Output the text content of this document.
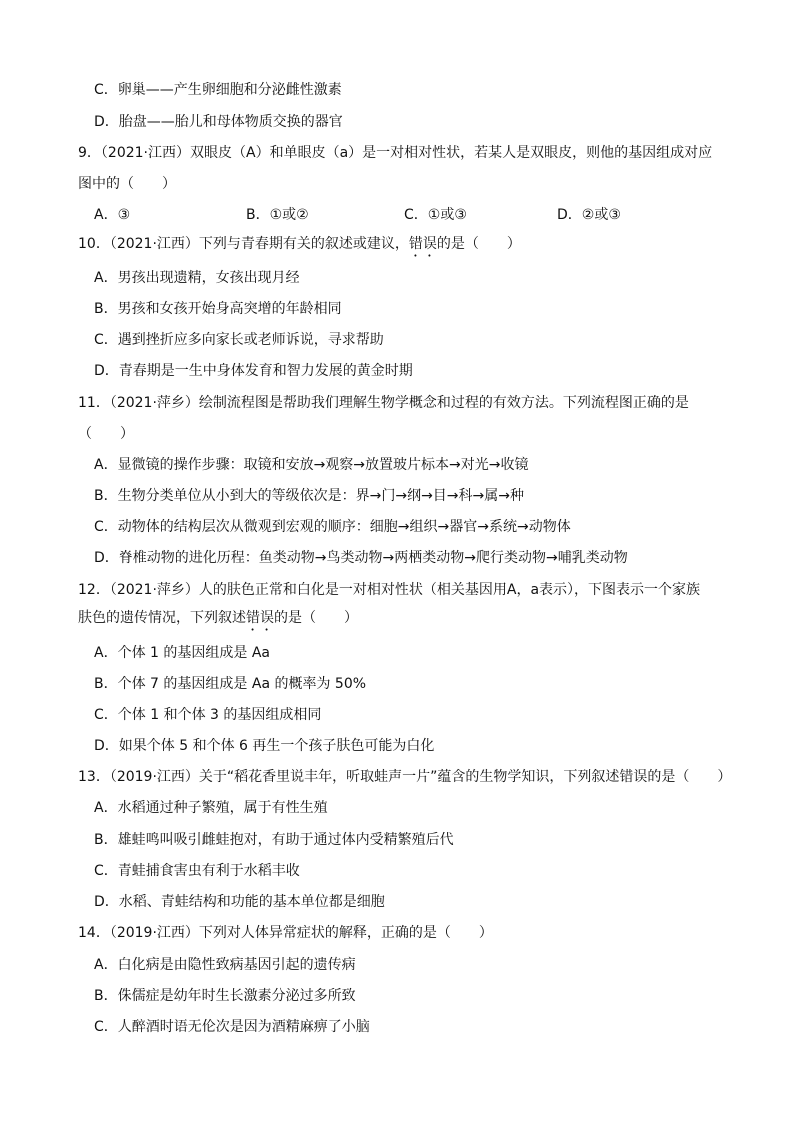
C．卵巢——产生卵细胞和分泌雌性激素
D．胎盘——胎儿和母体物质交换的器官
9．（2021·江西）双眼皮（A）和单眼皮（a）是一对相对性状，若某人是双眼皮，则他的基因组成对应
图中的（　　）
A．③	B．①或②	C．①或③	D．②或③
10．（2021·江西）下列与青春期有关的叙述或建议，错误的是（　　）
A．男孩出现遗精，女孩出现月经
B．男孩和女孩开始身高突增的年龄相同
C．遇到挫折应多向家长或老师诉说，寻求帮助
D．青春期是一生中身体发育和智力发展的黄金时期
11．（2021·萍乡）绘制流程图是帮助我们理解生物学概念和过程的有效方法。下列流程图正确的是
（　　）
A．显微镜的操作步骤：取镜和安放→观察→放置玻片标本→对光→收镜
B．生物分类单位从小到大的等级依次是：界→门→纲→目→科→属→种
C．动物体的结构层次从微观到宏观的顺序：细胞→组织→器官→系统→动物体
D．脊椎动物的进化历程：鱼类动物→鸟类动物→两栖类动物→爬行类动物→哺乳类动物
12．（2021·萍乡）人的肤色正常和白化是一对相对性状（相关基因用A，a表示），下图表示一个家族
肤色的遗传情况，下列叙述错误的是（　　）
A．个体 1 的基因组成是 Aa
B．个体 7 的基因组成是 Aa 的概率为 50%
C．个体 1 和个体 3 的基因组成相同
D．如果个体 5 和个体 6 再生一个孩子肤色可能为白化
13．（2019·江西）关于“稻花香里说丰年，听取蛙声一片”蕴含的生物学知识，下列叙述错误的是（　　）
A．水稻通过种子繁殖，属于有性生殖
B．雄蛙鸣叫吸引雌蛙抱对，有助于通过体内受精繁殖后代
C．青蛙捕食害虫有利于水稻丰收
D．水稻、青蛙结构和功能的基本单位都是细胞
14．（2019·江西）下列对人体异常症状的解释，正确的是（　　）
A．白化病是由隐性致病基因引起的遗传病
B．侏儒症是幼年时生长激素分泌过多所致
C．人醉酒时语无伦次是因为酒精麻痹了小脑
